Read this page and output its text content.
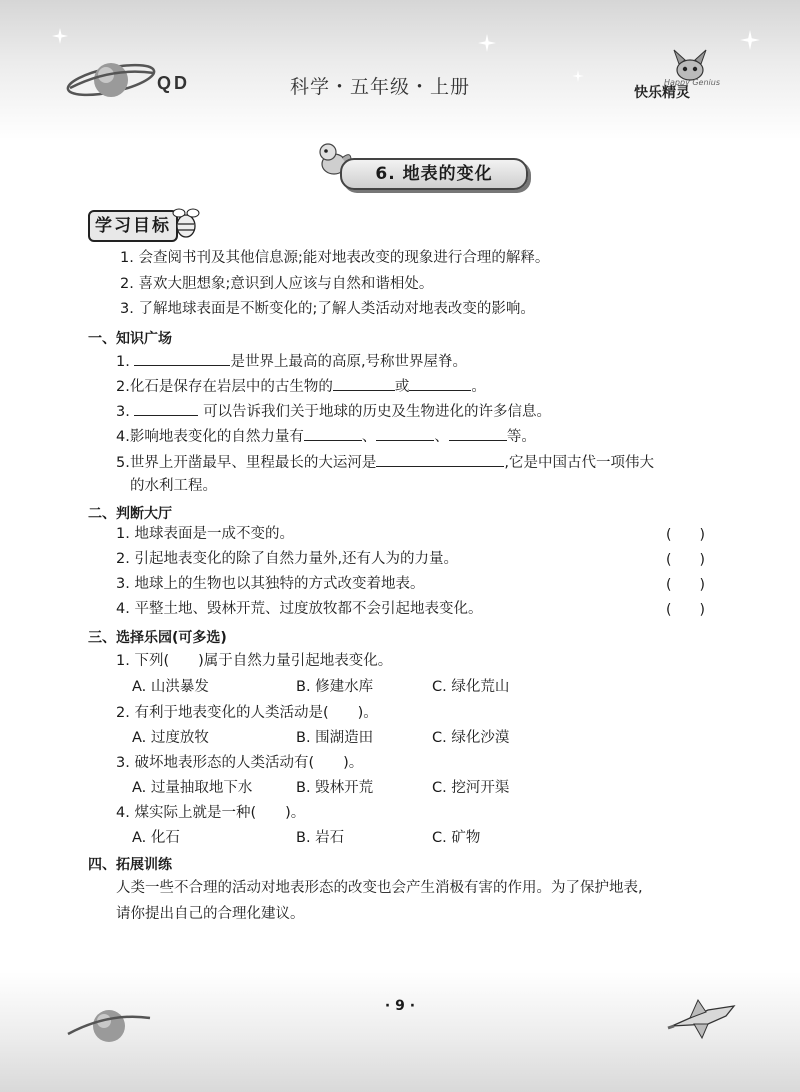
QD	科学・五年级・上册	快乐精灵
Happy Genius
6. 地表的变化
学习目标
1. 会查阅书刊及其他信息源;能对地表改变的现象进行合理的解释。
2. 喜欢大胆想象;意识到人应该与自然和谐相处。
3. 了解地球表面是不断变化的;了解人类活动对地表改变的影响。
一、知识广场
1.	是世界上最高的高原,号称世界屋脊。
2.化石是保存在岩层中的古生物的	或	。
3.	可以告诉我们关于地球的历史及生物进化的许多信息。
4.影响地表变化的自然力量有	、	、	等。
5.世界上开凿最早、里程最长的大运河是	,它是中国古代一项伟大
的水利工程。
二、判断大厅
1. 地球表面是一成不变的。	(　　)
2. 引起地表变化的除了自然力量外,还有人为的力量。	(　　)
3. 地球上的生物也以其独特的方式改变着地表。	(　　)
4. 平整土地、毁林开荒、过度放牧都不会引起地表变化。	(　　)
三、选择乐园(可多选)
1. 下列(　　)属于自然力量引起地表变化。
A. 山洪暴发	B. 修建水库	C. 绿化荒山
2. 有利于地表变化的人类活动是(　　)。
A. 过度放牧	B. 围湖造田	C. 绿化沙漠
3. 破坏地表形态的人类活动有(　　)。
A. 过量抽取地下水	B. 毁林开荒	C. 挖河开渠
4. 煤实际上就是一种(　　)。
A. 化石	B. 岩石	C. 矿物
四、拓展训练
人类一些不合理的活动对地表形态的改变也会产生消极有害的作用。为了保护地表,
请你提出自己的合理化建议。
· 9 ·
